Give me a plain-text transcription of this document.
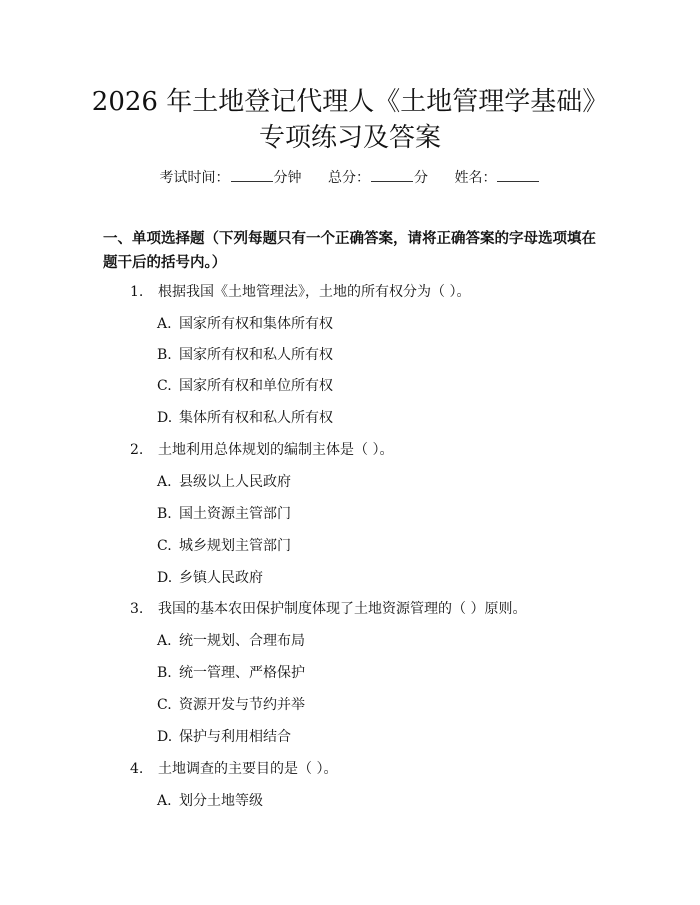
2026 年土地登记代理人《土地管理学基础》
专项练习及答案
考试时间：	分钟 总分：	分 姓名：
一、单项选择题（下列每题只有一个正确答案，请将正确答案的字母选项填在题干后的括号内。）
1. 根据我国《土地管理法》，土地的所有权分为（ ）。
A. 国家所有权和集体所有权
B. 国家所有权和私人所有权
C. 国家所有权和单位所有权
D. 集体所有权和私人所有权
2. 土地利用总体规划的编制主体是（ ）。
A. 县级以上人民政府
B. 国土资源主管部门
C. 城乡规划主管部门
D. 乡镇人民政府
3. 我国的基本农田保护制度体现了土地资源管理的（ ）原则。
A. 统一规划、合理布局
B. 统一管理、严格保护
C. 资源开发与节约并举
D. 保护与利用相结合
4. 土地调查的主要目的是（ ）。
A. 划分土地等级
